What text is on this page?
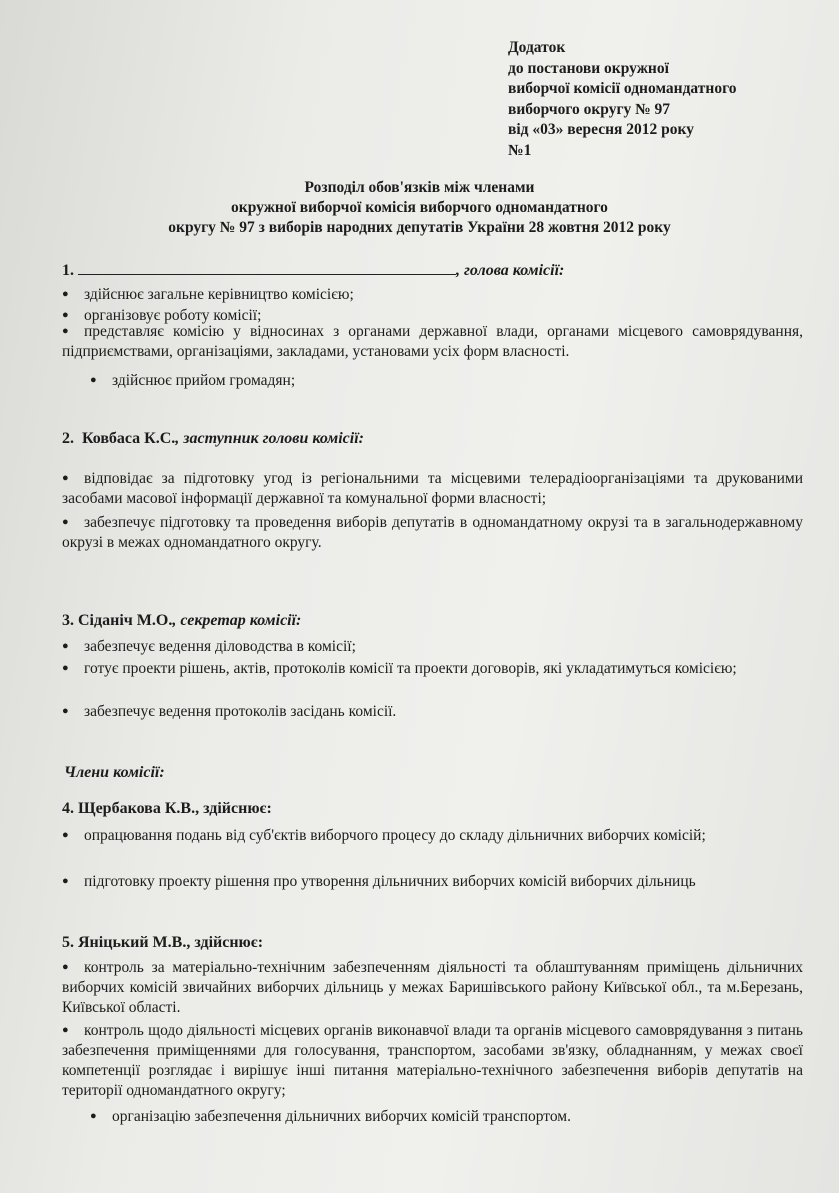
Додаток
до постанови окружної
виборчої комісії одномандатного
виборчого округу № 97
від «03» вересня 2012 року
№1
Розподіл обов'язків між членами
окружної виборчої комісія виборчого одномандатного
округу № 97 з виборів народних депутатів України 28 жовтня 2012 року
1.	, голова комісії:
● здійснює загальне керівництво комісією;
● організовує роботу комісії;
● представляє комісію у відносинах з органами державної влади, органами місцевого самоврядування, підприємствами, організаціями, закладами, установами усіх форм власності.
● здійснює прийом громадян;
2. Ковбаса К.С., заступник голови комісії:
● відповідає за підготовку угод із регіональними та місцевими телерадіоорганізаціями та друкованими засобами масової інформації державної та комунальної форми власності;
● забезпечує підготовку та проведення виборів депутатів в одномандатному окрузі та в загальнодержавному окрузі в межах одномандатного округу.
3. Сіданіч М.О., секретар комісії:
● забезпечує ведення діловодства в комісії;
● готує проекти рішень, актів, протоколів комісії та проекти договорів, які укладатимуться комісією;
● забезпечує ведення протоколів засідань комісії.
Члени комісії:
4. Щербакова К.В., здійснює:
● опрацювання подань від суб'єктів виборчого процесу до складу дільничних виборчих комісій;
● підготовку проекту рішення про утворення дільничних виборчих комісій виборчих дільниць
5. Яніцький М.В., здійснює:
● контроль за матеріально-технічним забезпеченням діяльності та облаштуванням приміщень дільничних виборчих комісій звичайних виборчих дільниць у межах Баришівського району Київської обл., та м.Березань, Київської області.
● контроль щодо діяльності місцевих органів виконавчої влади та органів місцевого самоврядування з питань забезпечення приміщеннями для голосування, транспортом, засобами зв'язку, обладнанням, у межах своєї компетенції розглядає і вирішує інші питання матеріально-технічного забезпечення виборів депутатів на території одномандатного округу;
● організацію забезпечення дільничних виборчих комісій транспортом.
